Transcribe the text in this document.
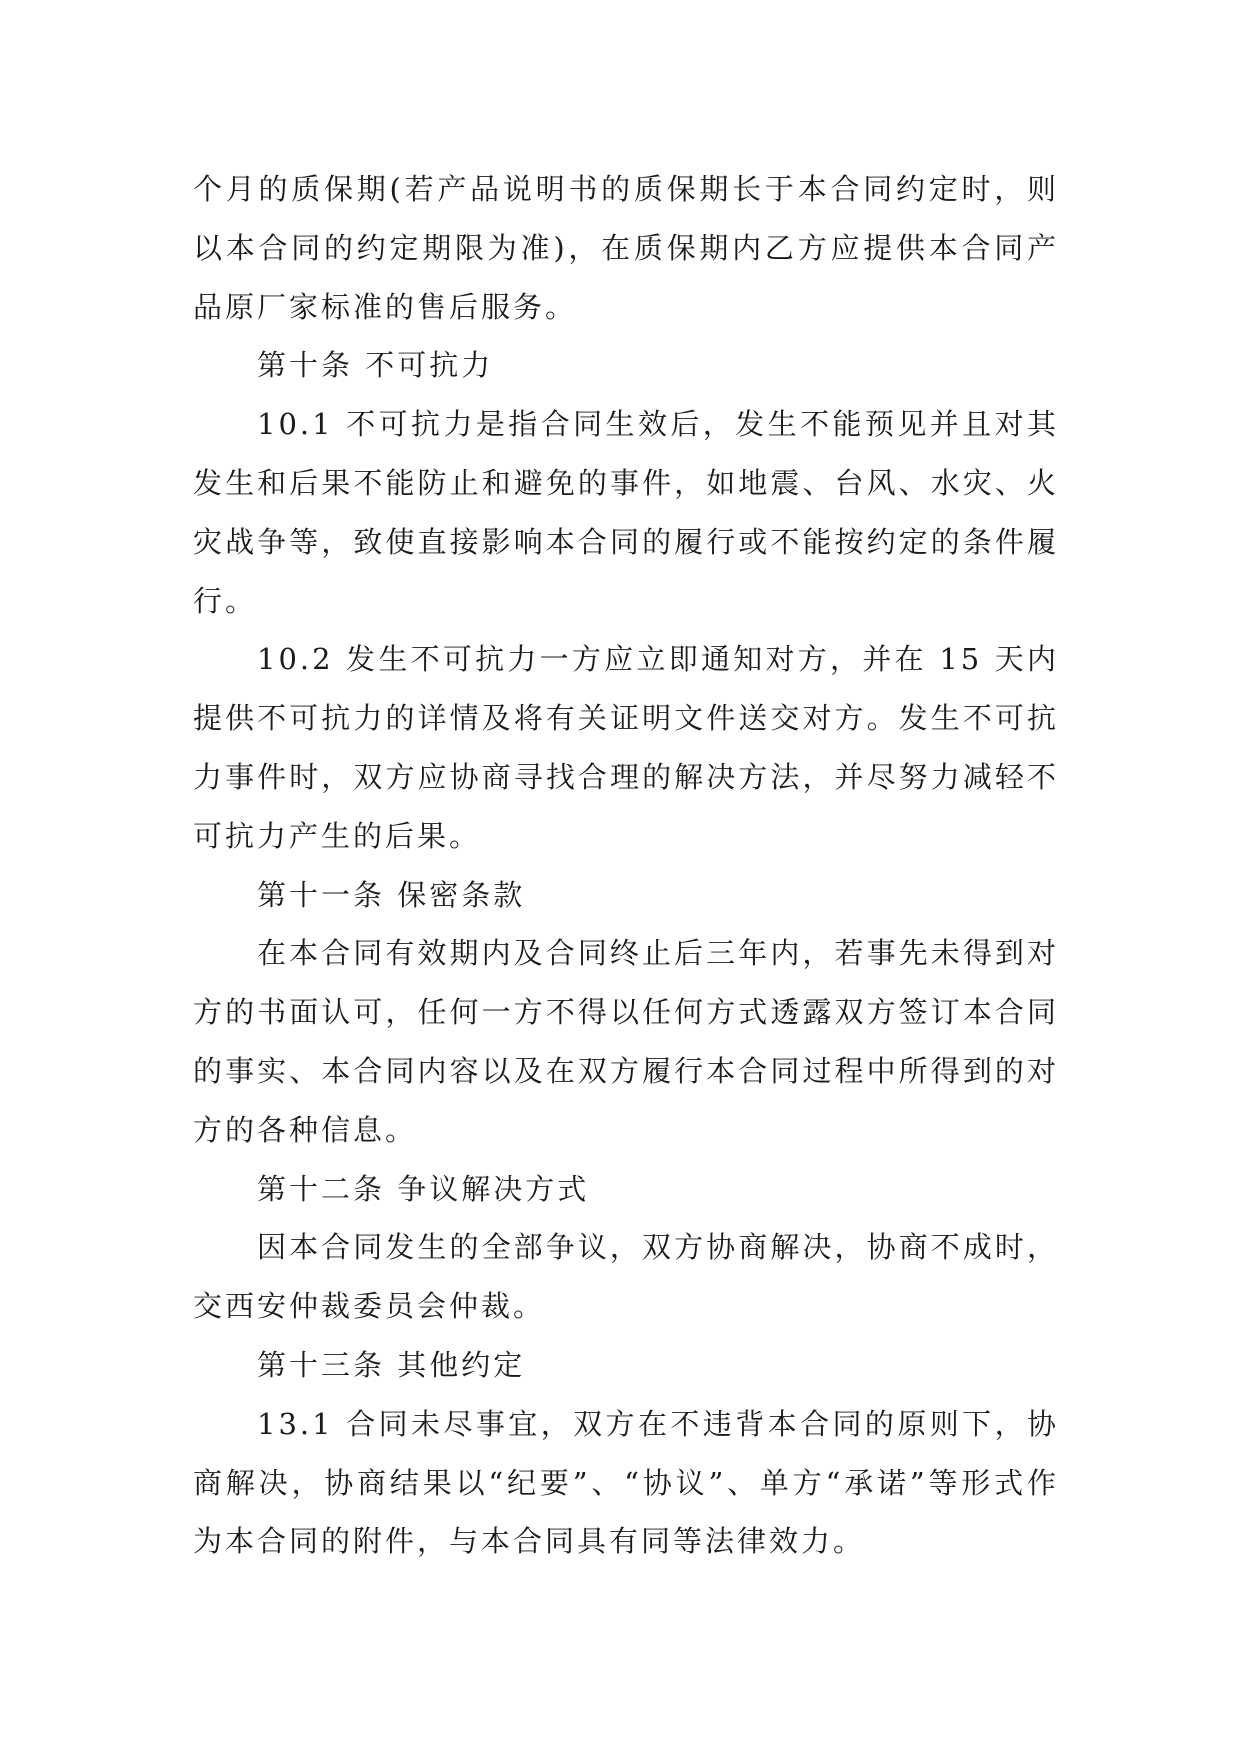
个月的质保期(若产品说明书的质保期长于本合同约定时，则以本合同的约定期限为准)，在质保期内乙方应提供本合同产品原厂家标准的售后服务。

第十条 不可抗力

10.1 不可抗力是指合同生效后，发生不能预见并且对其发生和后果不能防止和避免的事件，如地震、台风、水灾、火灾战争等，致使直接影响本合同的履行或不能按约定的条件履行。

10.2 发生不可抗力一方应立即通知对方，并在 15 天内提供不可抗力的详情及将有关证明文件送交对方。发生不可抗力事件时，双方应协商寻找合理的解决方法，并尽努力减轻不可抗力产生的后果。

第十一条 保密条款

在本合同有效期内及合同终止后三年内，若事先未得到对方的书面认可，任何一方不得以任何方式透露双方签订本合同的事实、本合同内容以及在双方履行本合同过程中所得到的对方的各种信息。

第十二条 争议解决方式

因本合同发生的全部争议，双方协商解决，协商不成时，交西安仲裁委员会仲裁。

第十三条 其他约定

13.1 合同未尽事宜，双方在不违背本合同的原则下，协商解决，协商结果以“纪要”、“协议”、单方“承诺”等形式作为本合同的附件，与本合同具有同等法律效力。
